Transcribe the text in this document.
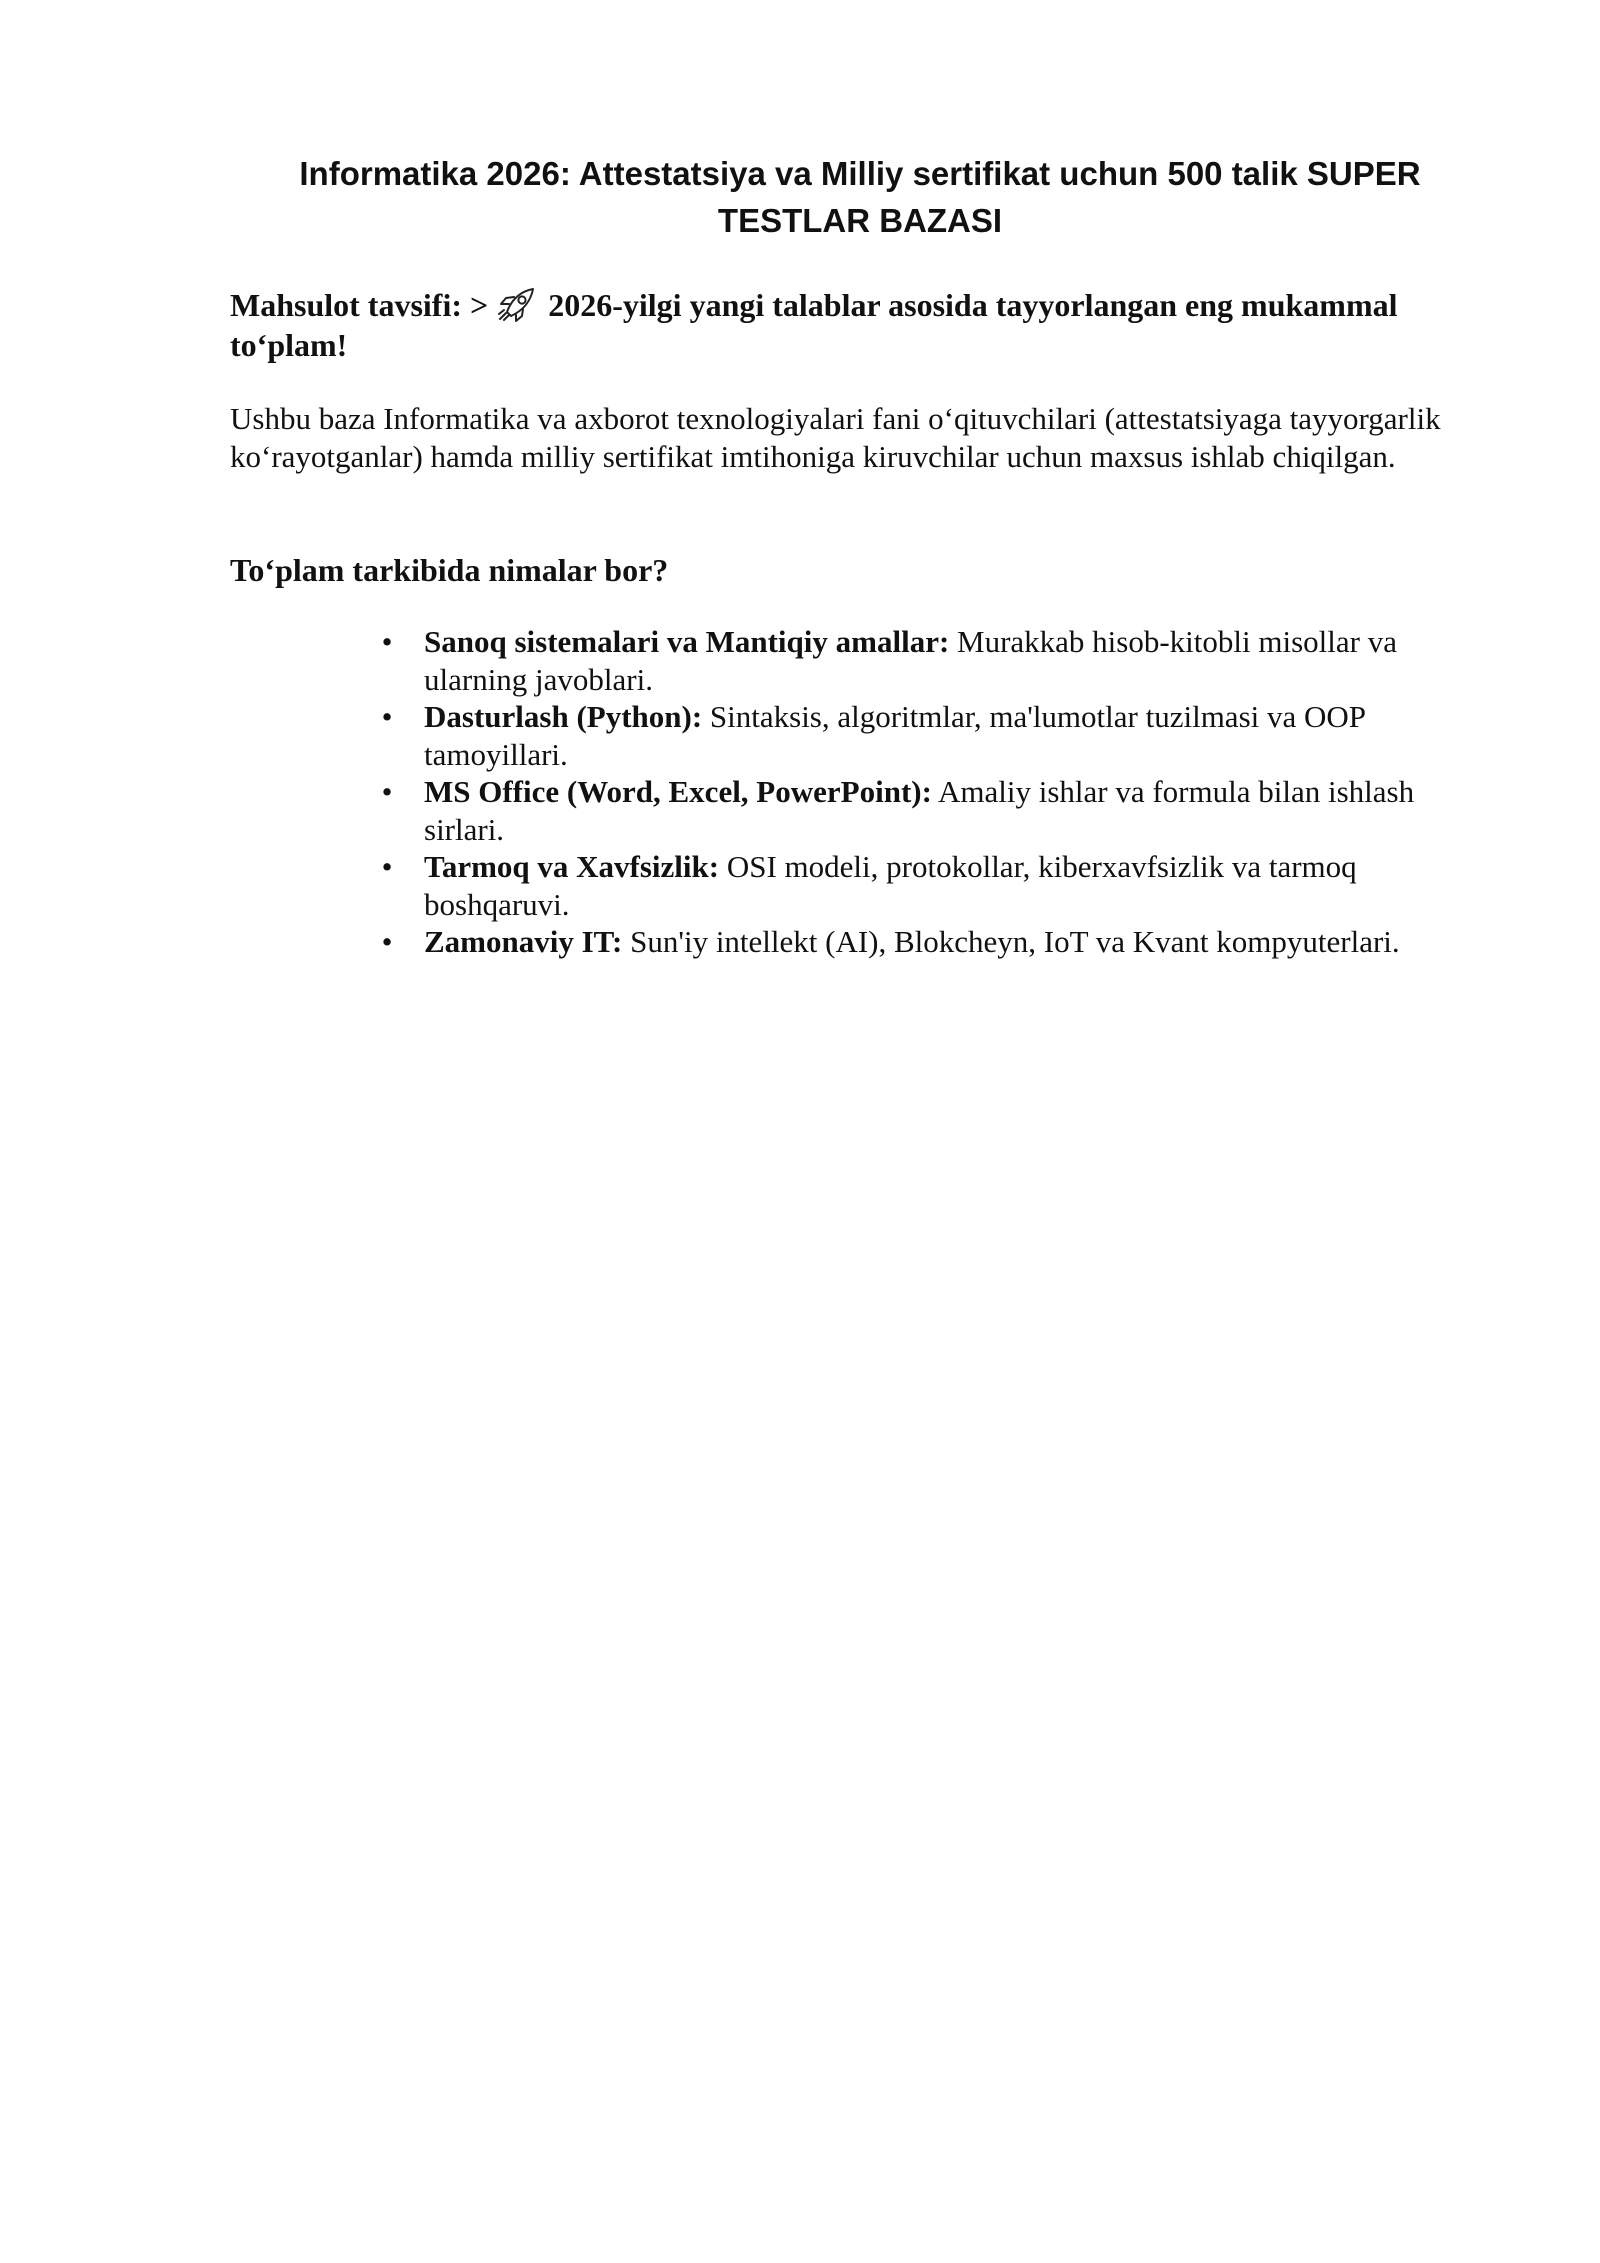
Informatika 2026: Attestatsiya va Milliy sertifikat uchun 500 talik SUPER TESTLAR BAZASI

Mahsulot tavsifi: > 2026-yilgi yangi talablar asosida tayyorlangan eng mukammal to‘plam!

Ushbu baza Informatika va axborot texnologiyalari fani o‘qituvchilari (attestatsiyaga tayyorgarlik ko‘rayotganlar) hamda milliy sertifikat imtihoniga kiruvchilar uchun maxsus ishlab chiqilgan.

To‘plam tarkibida nimalar bor?

•	Sanoq sistemalari va Mantiqiy amallar: Murakkab hisob-kitobli misollar va ularning javoblari.
•	Dasturlash (Python): Sintaksis, algoritmlar, ma'lumotlar tuzilmasi va OOP tamoyillari.
•	MS Office (Word, Excel, PowerPoint): Amaliy ishlar va formula bilan ishlash sirlari.
•	Tarmoq va Xavfsizlik: OSI modeli, protokollar, kiberxavfsizlik va tarmoq boshqaruvi.
•	Zamonaviy IT: Sun'iy intellekt (AI), Blokcheyn, IoT va Kvant kompyuterlari.
